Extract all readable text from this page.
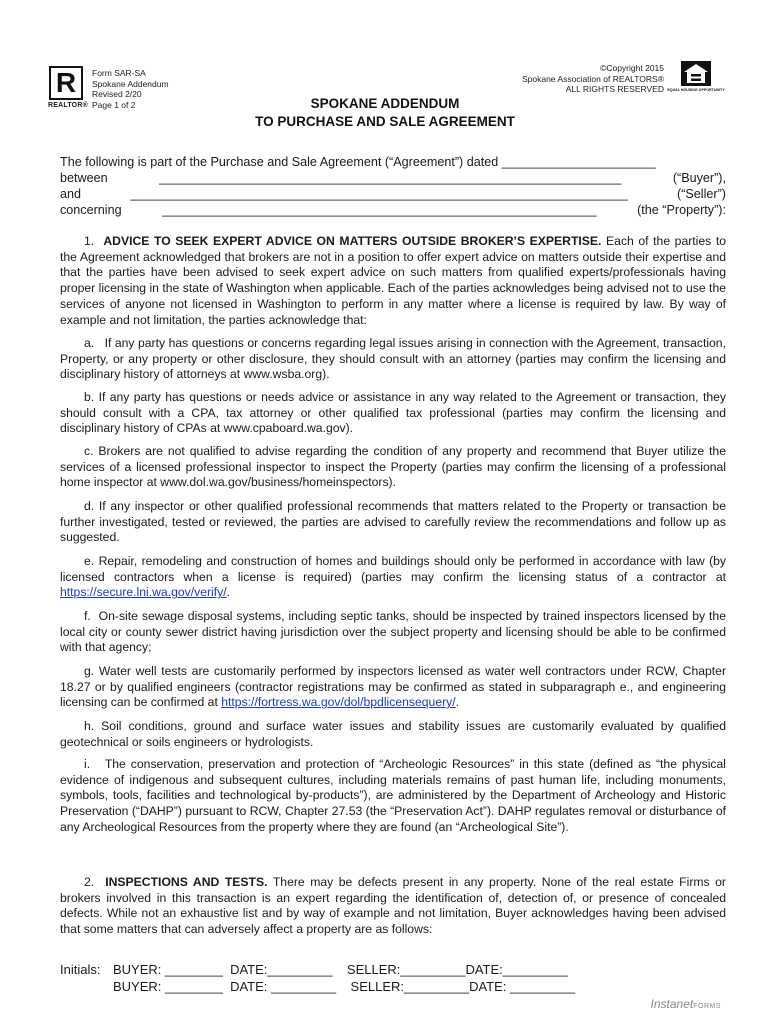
R
REALTOR®
Form SAR-SA
Spokane Addendum
Revised 2/20
Page 1 of 2
©Copyright 2015
Spokane Association of REALTORS®
ALL RIGHTS RESERVED EQUAL HOUSING OPPORTUNITY
SPOKANE ADDENDUM
TO PURCHASE AND SALE AGREEMENT
The following is part of the Purchase and Sale Agreement (“Agreement”) dated ______________________
between	__________________________________________________________________	(“Buyer”),
and	_______________________________________________________________________	(“Seller”)
concerning	______________________________________________________________	(the “Property”):
1. ADVICE TO SEEK EXPERT ADVICE ON MATTERS OUTSIDE BROKER’S EXPERTISE. Each of the parties to the Agreement acknowledged that brokers are not in a position to offer expert advice on matters outside their expertise and that the parties have been advised to seek expert advice on such matters from qualified experts/professionals having proper licensing in the state of Washington when applicable. Each of the parties acknowledges being advised not to use the services of anyone not licensed in Washington to perform in any matter where a license is required by law. By way of example and not limitation, the parties acknowledge that:
a. If any party has questions or concerns regarding legal issues arising in connection with the Agreement, transaction, Property, or any property or other disclosure, they should consult with an attorney (parties may confirm the licensing and disciplinary history of attorneys at www.wsba.org).
b. If any party has questions or needs advice or assistance in any way related to the Agreement or transaction, they should consult with a CPA, tax attorney or other qualified tax professional (parties may confirm the licensing and disciplinary history of CPAs at www.cpaboard.wa.gov).
c. Brokers are not qualified to advise regarding the condition of any property and recommend that Buyer utilize the services of a licensed professional inspector to inspect the Property (parties may confirm the licensing of a professional home inspector at www.dol.wa.gov/business/homeinspectors).
d. If any inspector or other qualified professional recommends that matters related to the Property or transaction be further investigated, tested or reviewed, the parties are advised to carefully review the recommendations and follow up as suggested.
e. Repair, remodeling and construction of homes and buildings should only be performed in accordance with law (by licensed contractors when a license is required) (parties may confirm the licensing status of a contractor at https://secure.lni.wa.gov/verify/.
f. On-site sewage disposal systems, including septic tanks, should be inspected by trained inspectors licensed by the local city or county sewer district having jurisdiction over the subject property and licensing should be able to be confirmed with that agency;
g. Water well tests are customarily performed by inspectors licensed as water well contractors under RCW, Chapter 18.27 or by qualified engineers (contractor registrations may be confirmed as stated in subparagraph e., and engineering licensing can be confirmed at https://fortress.wa.gov/dol/bpdlicensequery/.
h. Soil conditions, ground and surface water issues and stability issues are customarily evaluated by qualified geotechnical or soils engineers or hydrologists.
i. The conservation, preservation and protection of “Archeologic Resources” in this state (defined as “the physical evidence of indigenous and subsequent cultures, including materials remains of past human life, including monuments, symbols, tools, facilities and technological by-products”), are administered by the Department of Archeology and Historic Preservation (“DAHP”) pursuant to RCW, Chapter 27.53 (the “Preservation Act”). DAHP regulates removal or disturbance of any Archeological Resources from the property where they are found (an “Archeological Site”).
2. INSPECTIONS AND TESTS. There may be defects present in any property. None of the real estate Firms or brokers involved in this transaction is an expert regarding the identification of, detection of, or presence of concealed defects. While not an exhaustive list and by way of example and not limitation, Buyer acknowledges having been advised that some matters that can adversely affect a property are as follows:
Initials: BUYER: ________  DATE:_________    SELLER:_________DATE:_________
BUYER: ________  DATE: _________    SELLER:_________DATE: _________
InstanetFORMS
